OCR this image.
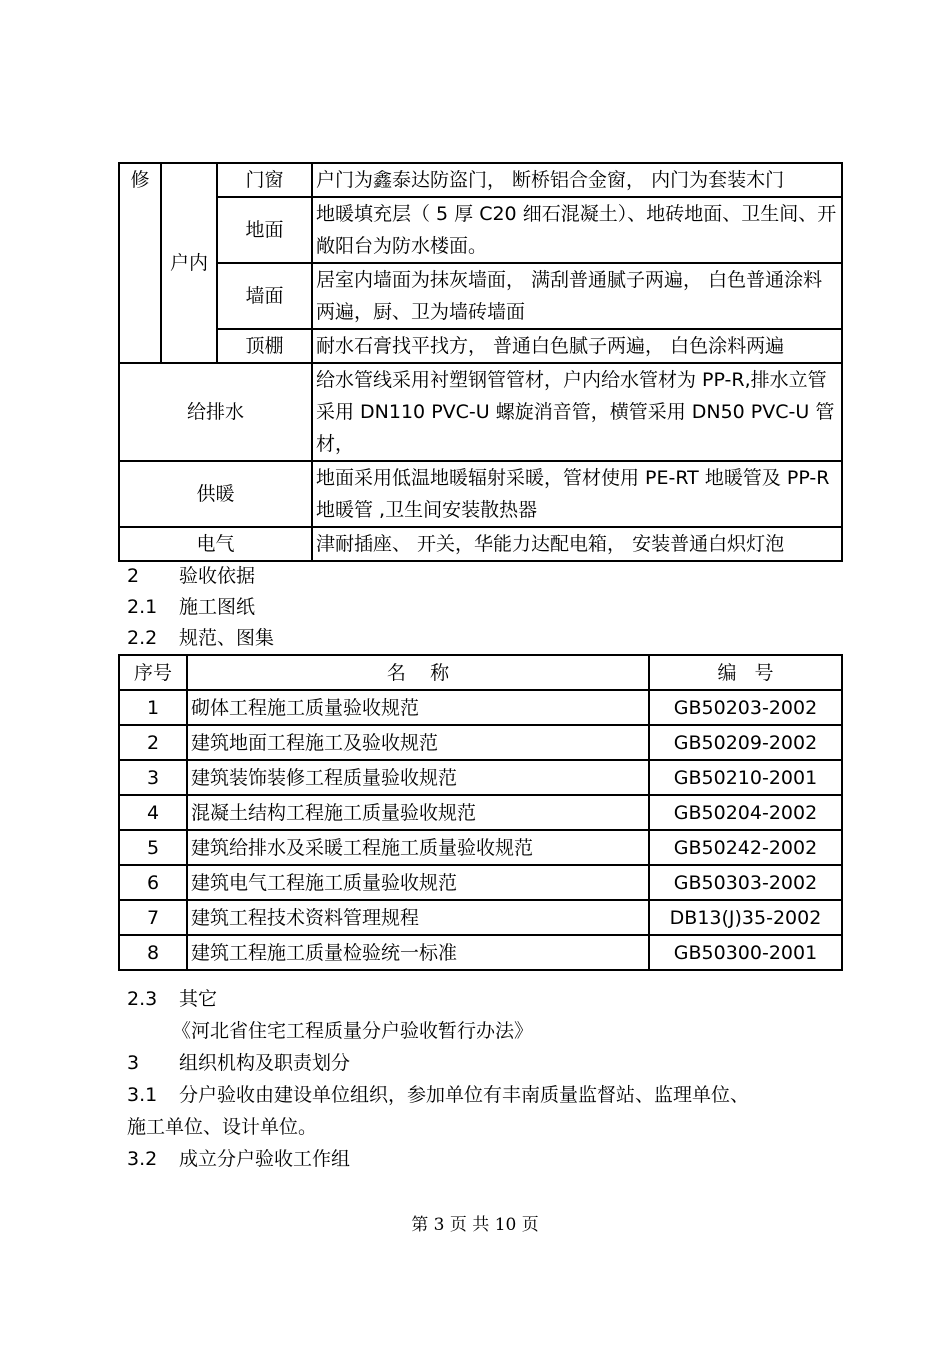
修	户内	门窗	户门为鑫泰达防盗门， 断桥铝合金窗， 内门为套装木门
		地面	地暖填充层（ 5 厚 C20 细石混凝土）、地砖地面、卫生间、开敞阳台为防水楼面。
		墙面	居室内墙面为抹灰墙面， 满刮普通腻子两遍， 白色普通涂料两遍，厨、卫为墙砖墙面
		顶棚	耐水石膏找平找方， 普通白色腻子两遍， 白色涂料两遍
给排水			给水管线采用衬塑钢管管材，户内给水管材为 PP-R,排水立管采用 DN110 PVC-U 螺旋消音管，横管采用 DN50 PVC-U 管材，
供暖			地面采用低温地暖辐射采暖，管材使用 PE-RT 地暖管及 PP-R 地暖管 ,卫生间安装散热器
电气			津耐插座、 开关，华能力达配电箱， 安装普通白炽灯泡

2 验收依据

2.1 施工图纸

2.2 规范、图集

序号	名    称	编   号
1	砌体工程施工质量验收规范	GB50203-2002
2	建筑地面工程施工及验收规范	GB50209-2002
3	建筑装饰装修工程质量验收规范	GB50210-2001
4	混凝土结构工程施工质量验收规范	GB50204-2002
5	建筑给排水及采暖工程施工质量验收规范	GB50242-2002
6	建筑电气工程施工质量验收规范	GB50303-2002
7	建筑工程技术资料管理规程	DB13(J)35-2002
8	建筑工程施工质量检验统一标准	GB50300-2001

2.3 其它

《河北省住宅工程质量分户验收暂行办法》

3 组织机构及职责划分

3.1 分户验收由建设单位组织，参加单位有丰南质量监督站、监理单位、

施工单位、设计单位。

3.2 成立分户验收工作组

第 3 页 共 10 页
